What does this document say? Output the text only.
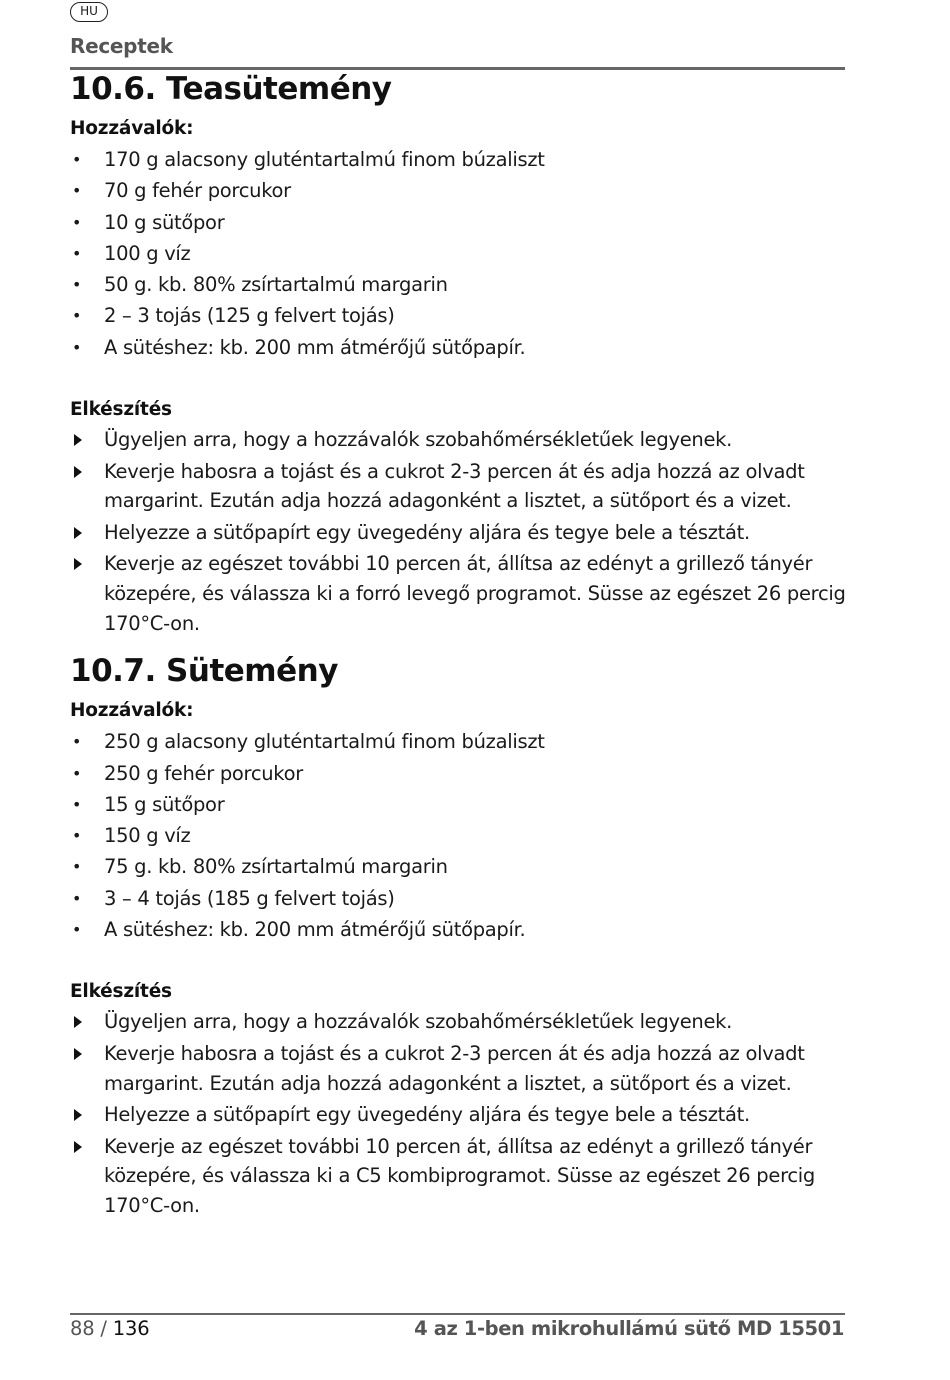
HU
Receptek
10.6. Teasütemény
Hozzávalók:
• 170 g alacsony gluténtartalmú finom búzaliszt
• 70 g fehér porcukor
• 10 g sütőpor
• 100 g víz
• 50 g. kb. 80% zsírtartalmú margarin
• 2 – 3 tojás (125 g felvert tojás)
• A sütéshez: kb. 200 mm átmérőjű sütőpapír.
Elkészítés
Ügyeljen arra, hogy a hozzávalók szobahőmérsékletűek legyenek.
Keverje habosra a tojást és a cukrot 2-3 percen át és adja hozzá az olvadt margarint. Ezután adja hozzá adagonként a lisztet, a sütőport és a vizet.
Helyezze a sütőpapírt egy üvegedény aljára és tegye bele a tésztát.
Keverje az egészet további 10 percen át, állítsa az edényt a grillező tányér közepére, és válassza ki a forró levegő programot. Süsse az egészet 26 percig 170°C-on.
10.7. Sütemény
Hozzávalók:
• 250 g alacsony gluténtartalmú finom búzaliszt
• 250 g fehér porcukor
• 15 g sütőpor
• 150 g víz
• 75 g. kb. 80% zsírtartalmú margarin
• 3 – 4 tojás (185 g felvert tojás)
• A sütéshez: kb. 200 mm átmérőjű sütőpapír.
Elkészítés
Ügyeljen arra, hogy a hozzávalók szobahőmérsékletűek legyenek.
Keverje habosra a tojást és a cukrot 2-3 percen át és adja hozzá az olvadt margarint. Ezután adja hozzá adagonként a lisztet, a sütőport és a vizet.
Helyezze a sütőpapírt egy üvegedény aljára és tegye bele a tésztát.
Keverje az egészet további 10 percen át, állítsa az edényt a grillező tányér közepére, és válassza ki a C5 kombiprogramot. Süsse az egészet 26 percig 170°C-on.
88 / 136	4 az 1-ben mikrohullámú sütő MD 15501
